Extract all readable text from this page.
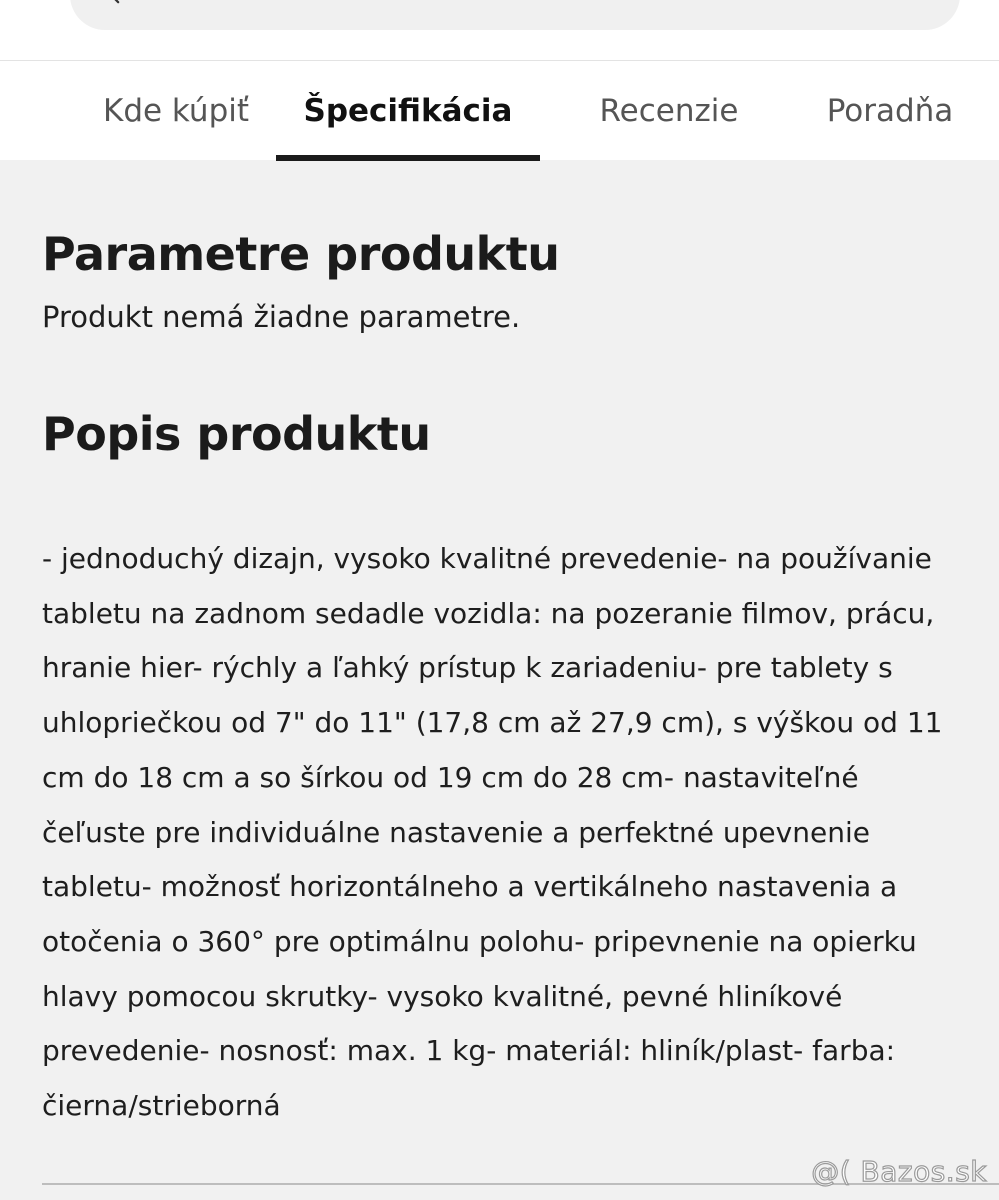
Kde kúpiť	Špecifikácia	Recenzie	Poradňa
Parametre produktu

Produkt nemá žiadne parametre.

Popis produktu

- jednoduchý dizajn, vysoko kvalitné prevedenie- na používanie tabletu na zadnom sedadle vozidla: na pozeranie filmov, prácu, hranie hier- rýchly a ľahký prístup k zariadeniu- pre tablety s uhlopriečkou od 7" do 11" (17,8 cm až 27,9 cm), s výškou od 11 cm do 18 cm a so šírkou od 19 cm do 28 cm- nastaviteľné čeľuste pre individuálne nastavenie a perfektné upevnenie tabletu- možnosť horizontálneho a vertikálneho nastavenia a otočenia o 360° pre optimálnu polohu- pripevnenie na opierku hlavy pomocou skrutky- vysoko kvalitné, pevné hliníkové prevedenie- nosnosť: max. 1 kg- materiál: hliník/plast- farba: čierna/strieborná

@( Bazos.sk
